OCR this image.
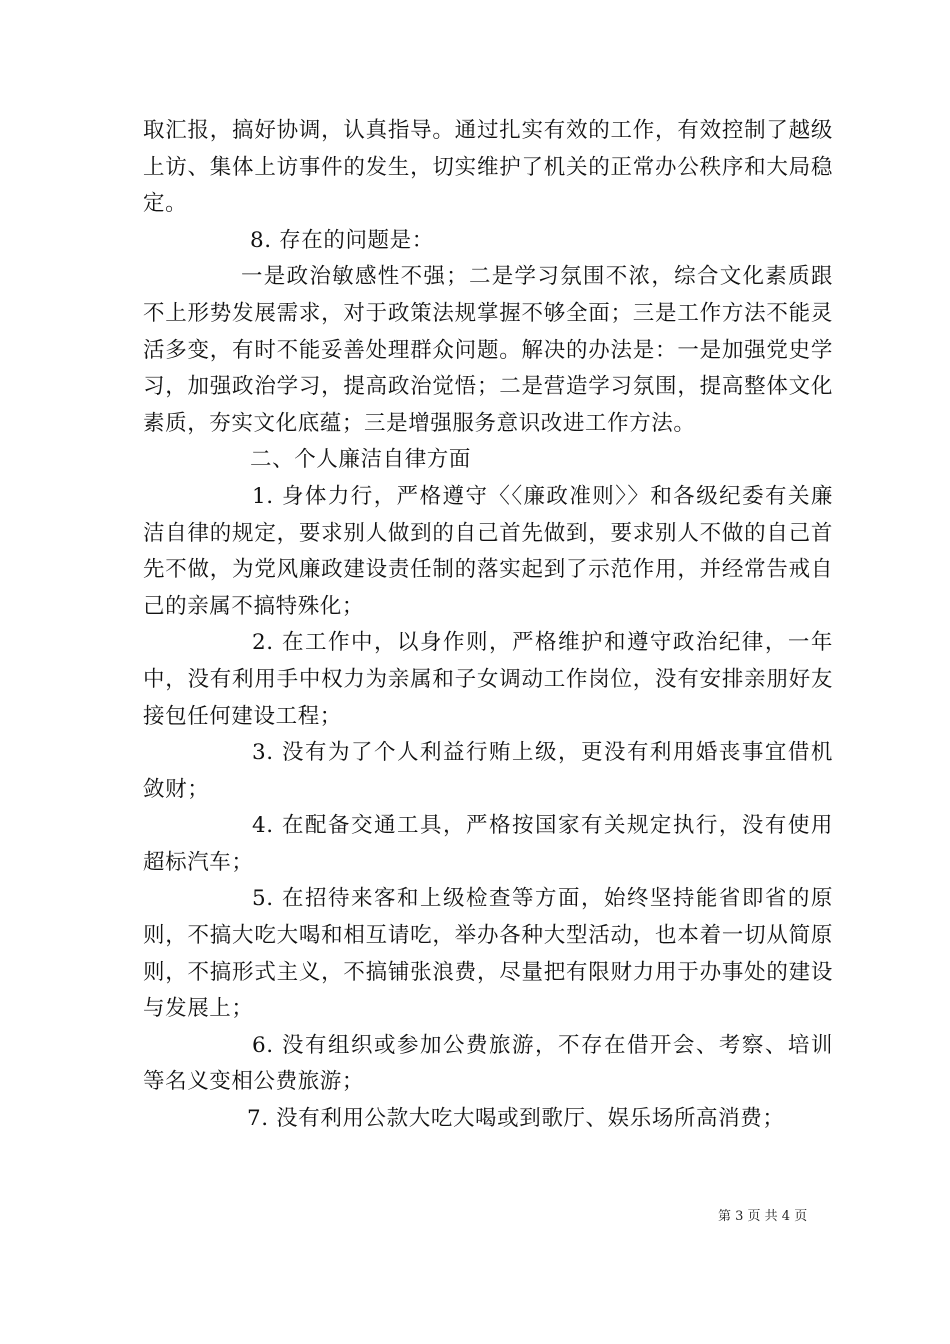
取汇报，搞好协调，认真指导。通过扎实有效的工作，有效控制了越级上访、集体上访事件的发生，切实维护了机关的正常办公秩序和大局稳定。

8. 存在的问题是：

一是政治敏感性不强；二是学习氛围不浓，综合文化素质跟不上形势发展需求，对于政策法规掌握不够全面；三是工作方法不能灵活多变，有时不能妥善处理群众问题。解决的办法是：一是加强党史学习，加强政治学习，提高政治觉悟；二是营造学习氛围，提高整体文化素质，夯实文化底蕴；三是增强服务意识改进工作方法。

二、个人廉洁自律方面

1. 身体力行，严格遵守〈〈廉政准则〉〉和各级纪委有关廉洁自律的规定，要求别人做到的自己首先做到，要求别人不做的自己首先不做，为党风廉政建设责任制的落实起到了示范作用，并经常告戒自己的亲属不搞特殊化；

2. 在工作中，以身作则，严格维护和遵守政治纪律，一年中，没有利用手中权力为亲属和子女调动工作岗位，没有安排亲朋好友接包任何建设工程；

3. 没有为了个人利益行贿上级，更没有利用婚丧事宜借机敛财；

4. 在配备交通工具，严格按国家有关规定执行，没有使用超标汽车；

5. 在招待来客和上级检查等方面，始终坚持能省即省的原则，不搞大吃大喝和相互请吃，举办各种大型活动，也本着一切从简原则，不搞形式主义，不搞铺张浪费，尽量把有限财力用于办事处的建设与发展上；

6. 没有组织或参加公费旅游，不存在借开会、考察、培训等名义变相公费旅游；

7. 没有利用公款大吃大喝或到歌厅、娱乐场所高消费；

第 3 页 共 4 页
